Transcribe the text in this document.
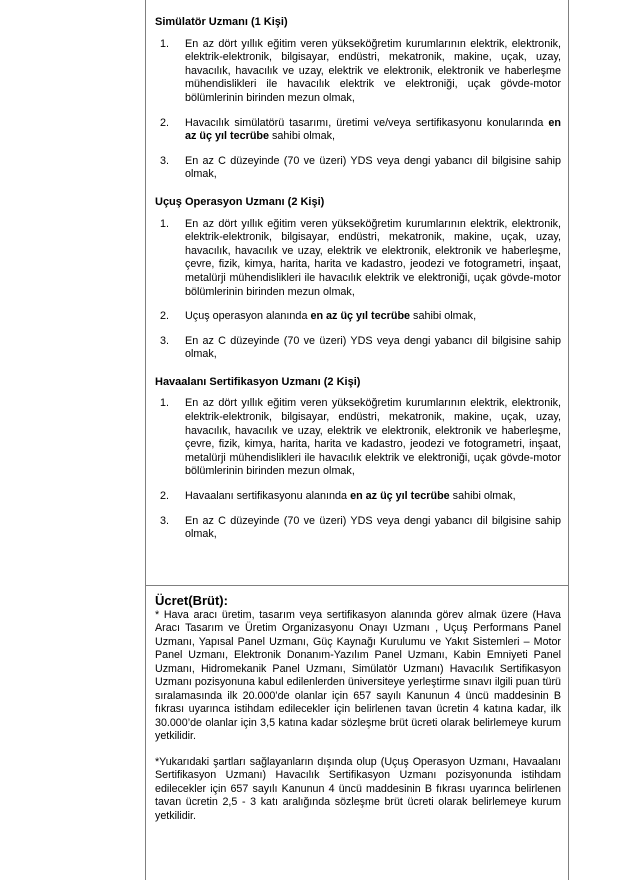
Simülatör Uzmanı (1 Kişi)
1.	En az dört yıllık eğitim veren yükseköğretim kurumlarının elektrik, elektronik, elektrik-elektronik, bilgisayar, endüstri, mekatronik, makine, uçak, uzay, havacılık, havacılık ve uzay, elektrik ve elektronik, elektronik ve haberleşme mühendislikleri ile havacılık elektrik ve elektroniği, uçak gövde-motor bölümlerinin birinden mezun olmak,
2.	Havacılık simülatörü tasarımı, üretimi ve/veya sertifikasyonu konularında en az üç yıl tecrübe sahibi olmak,
3.	En az C düzeyinde (70 ve üzeri) YDS veya dengi yabancı dil bilgisine sahip olmak,
Uçuş Operasyon Uzmanı (2 Kişi)
1.	En az dört yıllık eğitim veren yükseköğretim kurumlarının elektrik, elektronik, elektrik-elektronik, bilgisayar, endüstri, mekatronik, makine, uçak, uzay, havacılık, havacılık ve uzay, elektrik ve elektronik, elektronik ve haberleşme, çevre, fizik, kimya, harita, harita ve kadastro, jeodezi ve fotogrametri, inşaat, metalürji mühendislikleri ile havacılık elektrik ve elektroniği, uçak gövde-motor bölümlerinin birinden mezun olmak,
2.	Uçuş operasyon alanında en az üç yıl tecrübe sahibi olmak,
3.	En az C düzeyinde (70 ve üzeri) YDS veya dengi yabancı dil bilgisine sahip olmak,
Havaalanı Sertifikasyon Uzmanı (2 Kişi)
1.	En az dört yıllık eğitim veren yükseköğretim kurumlarının elektrik, elektronik, elektrik-elektronik, bilgisayar, endüstri, mekatronik, makine, uçak, uzay, havacılık, havacılık ve uzay, elektrik ve elektronik, elektronik ve haberleşme, çevre, fizik, kimya, harita, harita ve kadastro, jeodezi ve fotogrametri, inşaat, metalürji mühendislikleri ile havacılık elektrik ve elektroniği, uçak gövde-motor bölümlerinin birinden mezun olmak,
2.	Havaalanı sertifikasyonu alanında en az üç yıl tecrübe sahibi olmak,
3.	En az C düzeyinde (70 ve üzeri) YDS veya dengi yabancı dil bilgisine sahip olmak,
Ücret(Brüt):

* Hava aracı üretim, tasarım veya sertifikasyon alanında görev almak üzere (Hava Aracı Tasarım ve Üretim Organizasyonu Onayı Uzmanı , Uçuş Performans Panel Uzmanı, Yapısal Panel Uzmanı, Güç Kaynağı Kurulumu ve Yakıt Sistemleri – Motor Panel Uzmanı, Elektronik Donanım-Yazılım Panel Uzmanı, Kabin Emniyeti Panel Uzmanı, Hidromekanik Panel Uzmanı, Simülatör Uzmanı) Havacılık Sertifikasyon Uzmanı pozisyonuna kabul edilenlerden üniversiteye yerleştirme sınavı ilgili puan türü sıralamasında ilk 20.000’de olanlar için 657 sayılı Kanunun 4 üncü maddesinin B fıkrası uyarınca istihdam edilecekler için belirlenen tavan ücretin 4 katına kadar, ilk 30.000’de olanlar için 3,5 katına kadar sözleşme brüt ücreti olarak belirlemeye kurum yetkilidir.

*Yukarıdaki şartları sağlayanların dışında olup (Uçuş Operasyon Uzmanı, Havaalanı Sertifikasyon Uzmanı) Havacılık Sertifikasyon Uzmanı pozisyonunda istihdam edilecekler için 657 sayılı Kanunun 4 üncü maddesinin B fıkrası uyarınca belirlenen tavan ücretin 2,5 - 3 katı aralığında sözleşme brüt ücreti olarak belirlemeye kurum yetkilidir.
